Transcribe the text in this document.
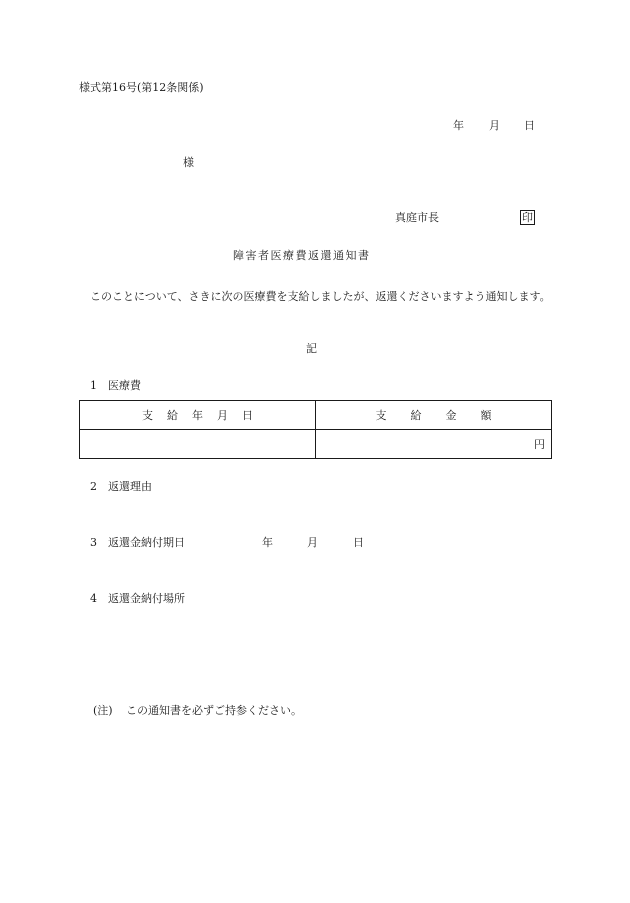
様式第16号(第12条関係)
年 月 日
様
真庭市長	印
障害者医療費返還通知書
このことについて、さきに次の医療費を支給しましたが、返還くださいますよう通知します。
記
1　医療費
支給年月日	支給金額
	円
2　返還理由
3　返還金納付期日	年	月	日
4　返還金納付場所
(注) この通知書を必ずご持参ください。
